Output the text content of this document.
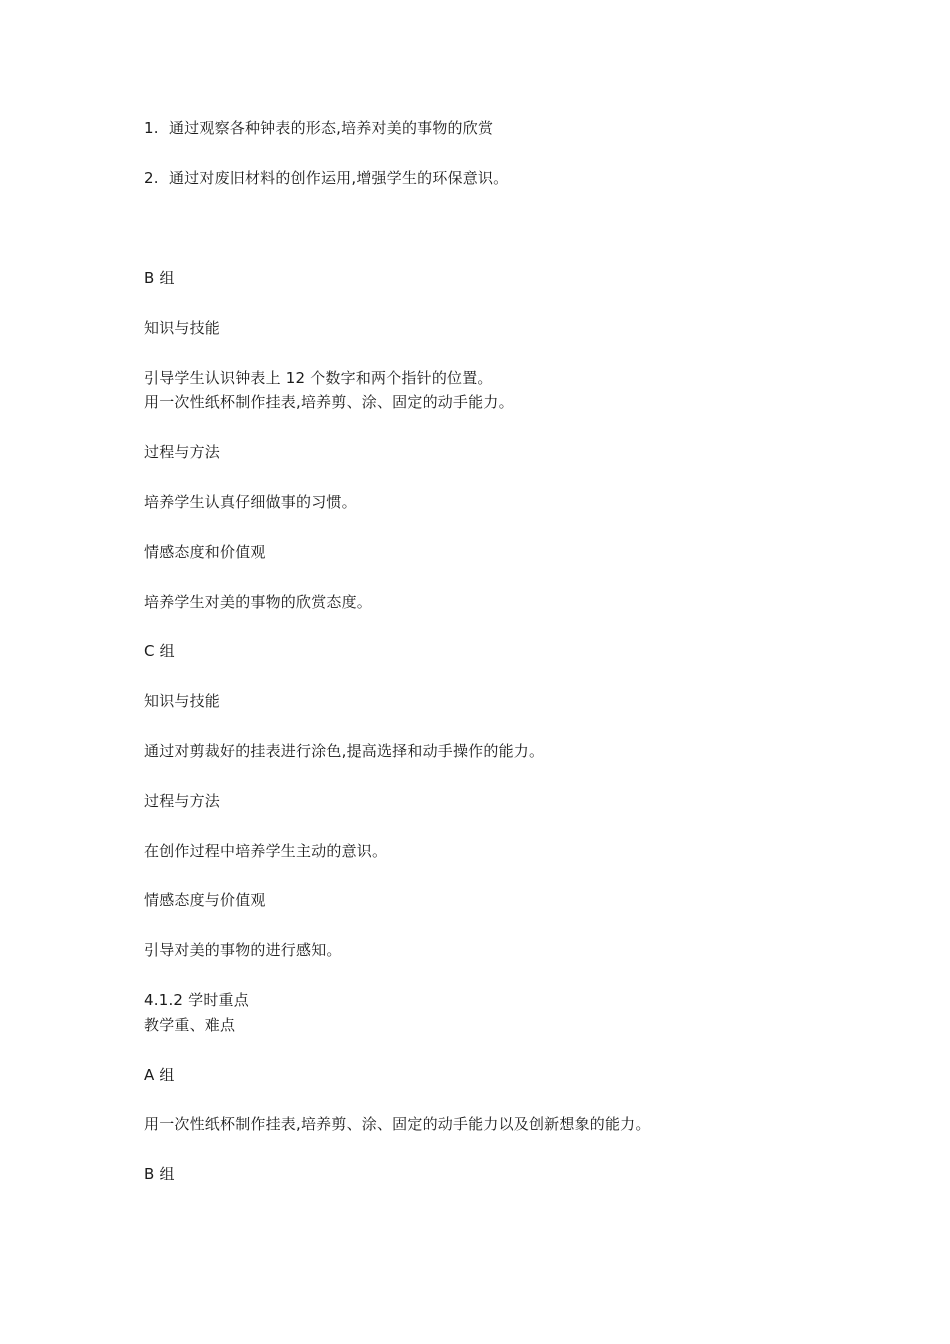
1. 通过观察各种钟表的形态,培养对美的事物的欣赏
2. 通过对废旧材料的创作运用,增强学生的环保意识。
B 组
知识与技能
引导学生认识钟表上 12 个数字和两个指针的位置。
用一次性纸杯制作挂表,培养剪、涂、固定的动手能力。
过程与方法
培养学生认真仔细做事的习惯。
情感态度和价值观
培养学生对美的事物的欣赏态度。
C 组
知识与技能
通过对剪裁好的挂表进行涂色,提高选择和动手操作的能力。
过程与方法
在创作过程中培养学生主动的意识。
情感态度与价值观
引导对美的事物的进行感知。
4.1.2 学时重点
教学重、难点
A 组
用一次性纸杯制作挂表,培养剪、涂、固定的动手能力以及创新想象的能力。
B 组
